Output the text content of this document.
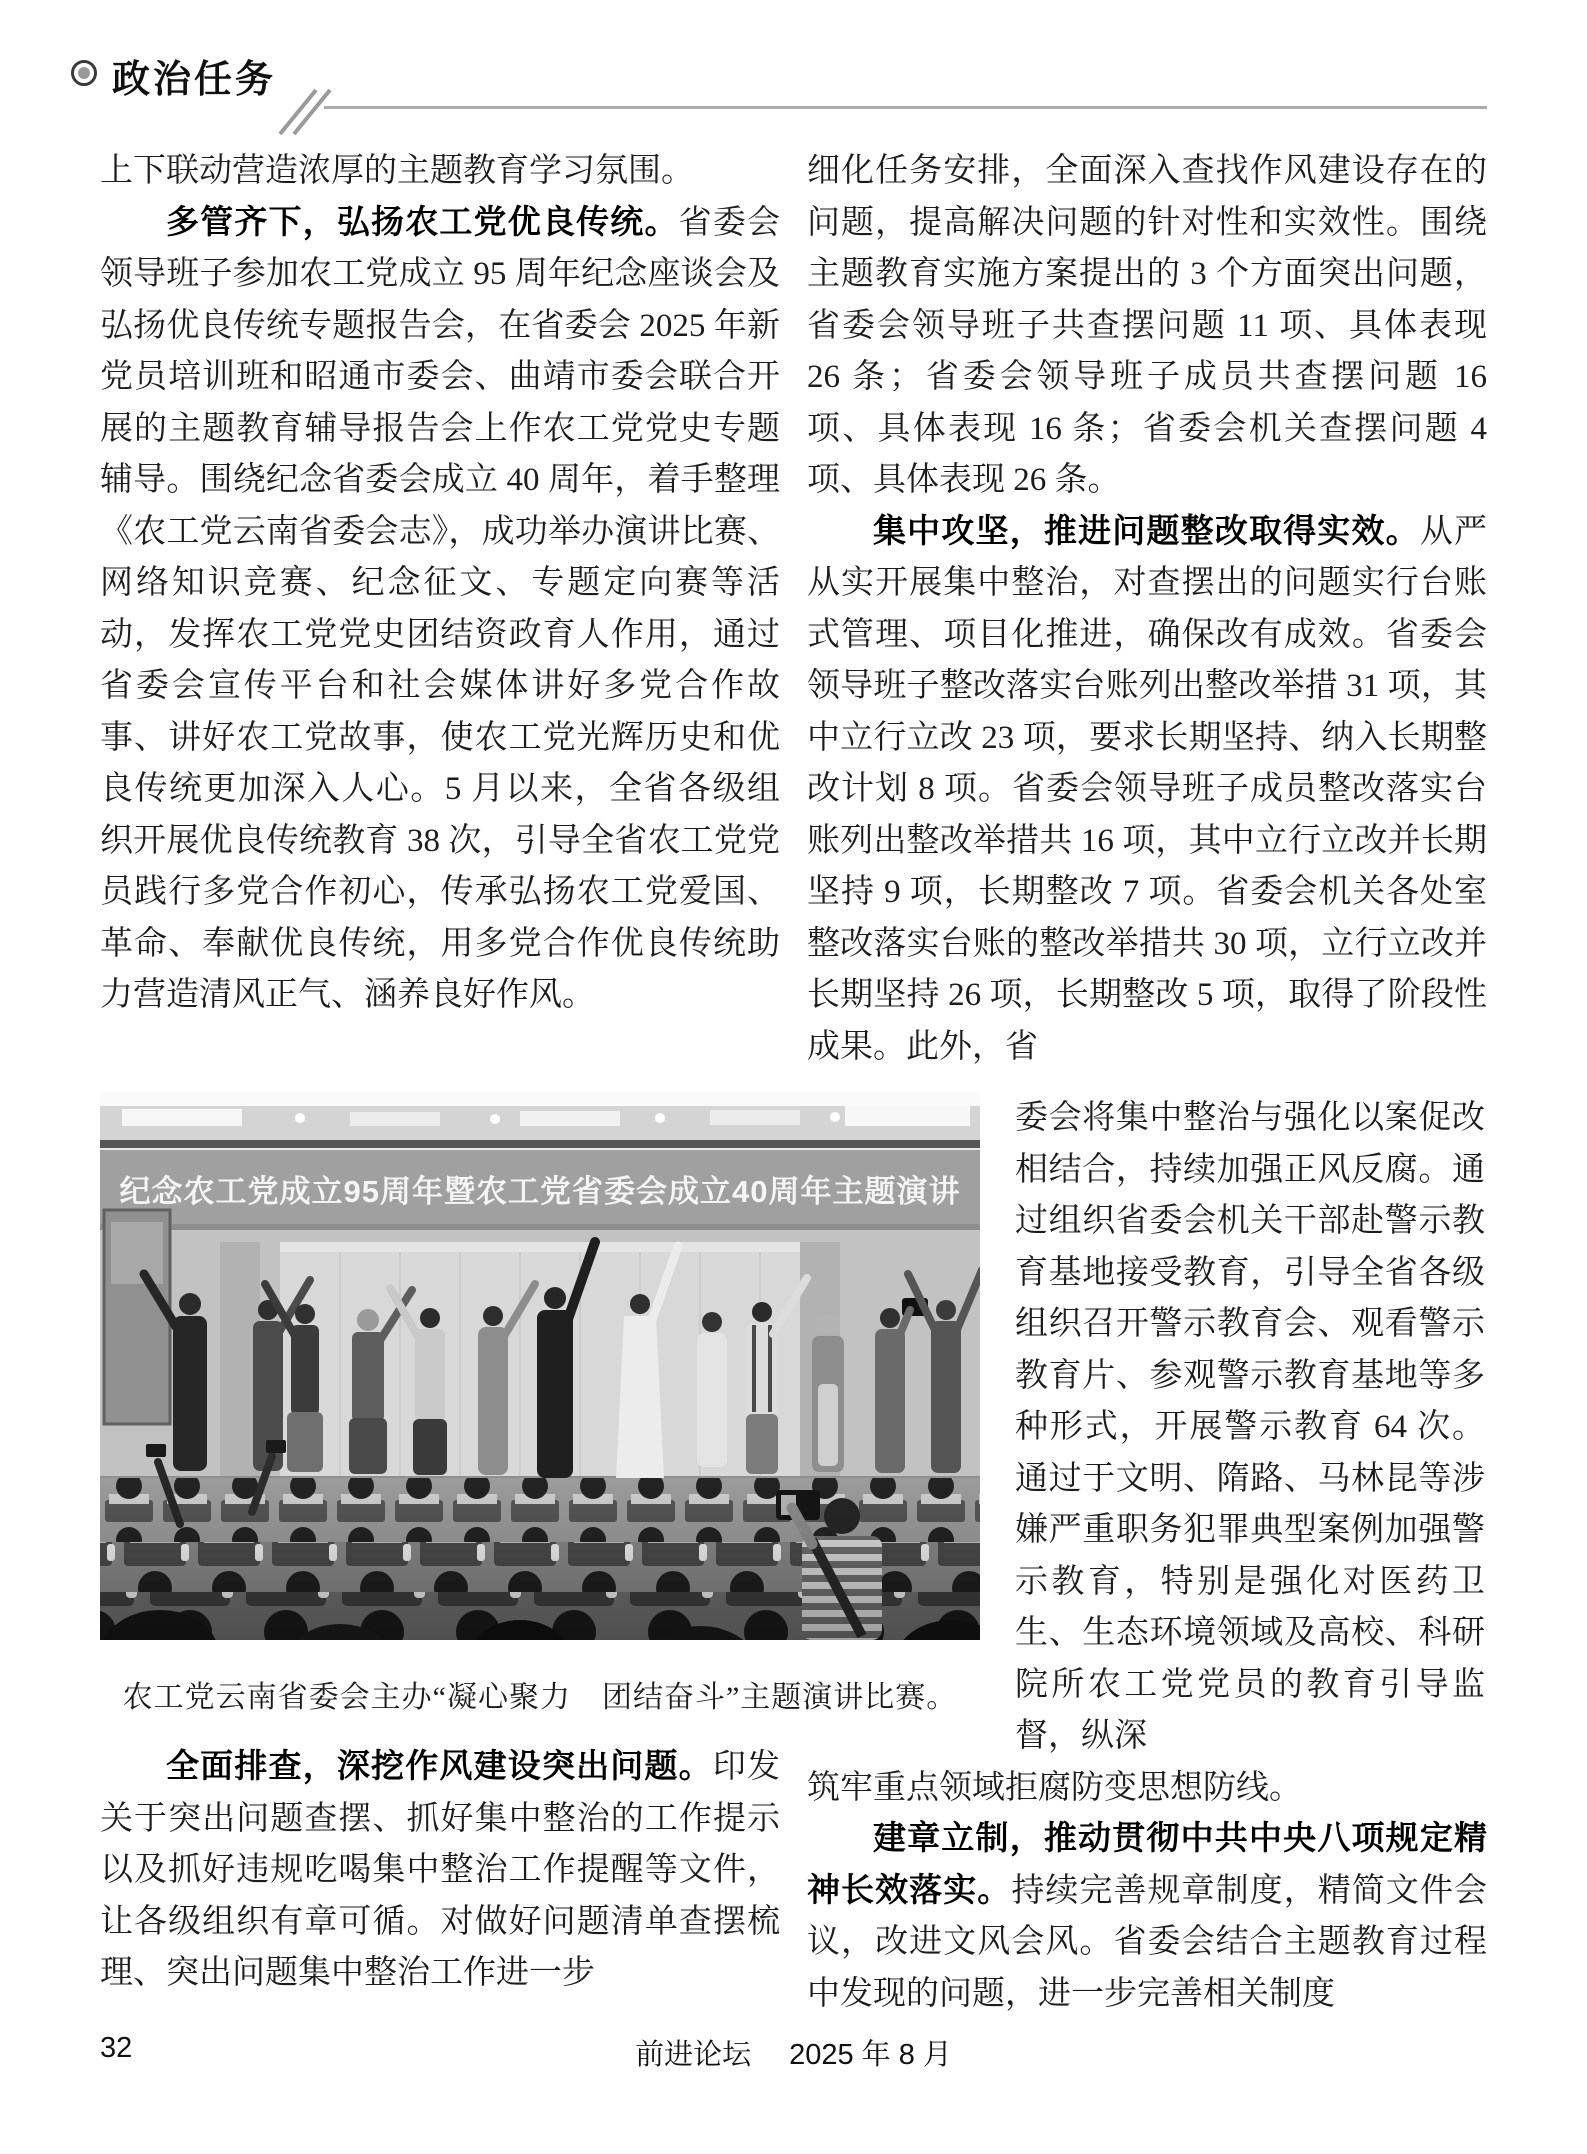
政治任务

上下联动营造浓厚的主题教育学习氛围。

多管齐下，弘扬农工党优良传统。省委会领导班子参加农工党成立 95 周年纪念座谈会及弘扬优良传统专题报告会，在省委会 2025 年新党员培训班和昭通市委会、曲靖市委会联合开展的主题教育辅导报告会上作农工党党史专题辅导。围绕纪念省委会成立 40 周年，着手整理《农工党云南省委会志》，成功举办演讲比赛、网络知识竞赛、纪念征文、专题定向赛等活动，发挥农工党党史团结资政育人作用，通过省委会宣传平台和社会媒体讲好多党合作故事、讲好农工党故事，使农工党光辉历史和优良传统更加深入人心。5 月以来，全省各级组织开展优良传统教育 38 次，引导全省农工党党员践行多党合作初心，传承弘扬农工党爱国、革命、奉献优良传统，用多党合作优良传统助力营造清风正气、涵养良好作风。

细化任务安排，全面深入查找作风建设存在的问题，提高解决问题的针对性和实效性。围绕主题教育实施方案提出的 3 个方面突出问题，省委会领导班子共查摆问题 11 项、具体表现 26 条；省委会领导班子成员共查摆问题 16 项、具体表现 16 条；省委会机关查摆问题 4 项、具体表现 26 条。

集中攻坚，推进问题整改取得实效。从严从实开展集中整治，对查摆出的问题实行台账式管理、项目化推进，确保改有成效。省委会领导班子整改落实台账列出整改举措 31 项，其中立行立改 23 项，要求长期坚持、纳入长期整改计划 8 项。省委会领导班子成员整改落实台账列出整改举措共 16 项，其中立行立改并长期坚持 9 项，长期整改 7 项。省委会机关各处室整改落实台账的整改举措共 30 项，立行立改并长期坚持 26 项，长期整改 5 项，取得了阶段性成果。此外，省

纪念农工党成立95周年暨农工党省委会成立40周年主题演讲
农工党云南省委会主办“凝心聚力　团结奋斗”主题演讲比赛。
委会将集中整治与强化以案促改相结合，持续加强正风反腐。通过组织省委会机关干部赴警示教育基地接受教育，引导全省各级组织召开警示教育会、观看警示教育片、参观警示教育基地等多种形式，开展警示教育 64 次。通过于文明、隋路、马林昆等涉嫌严重职务犯罪典型案例加强警示教育，特别是强化对医药卫生、生态环境领域及高校、科研院所农工党党员的教育引导监督，纵深

筑牢重点领域拒腐防变思想防线。

建章立制，推动贯彻中共中央八项规定精神长效落实。持续完善规章制度，精简文件会议，改进文风会风。省委会结合主题教育过程中发现的问题，进一步完善相关制度

全面排查，深挖作风建设突出问题。印发关于突出问题查摆、抓好集中整治的工作提示以及抓好违规吃喝集中整治工作提醒等文件，让各级组织有章可循。对做好问题清单查摆梳理、突出问题集中整治工作进一步

32	前进论坛 2025 年 8 月
